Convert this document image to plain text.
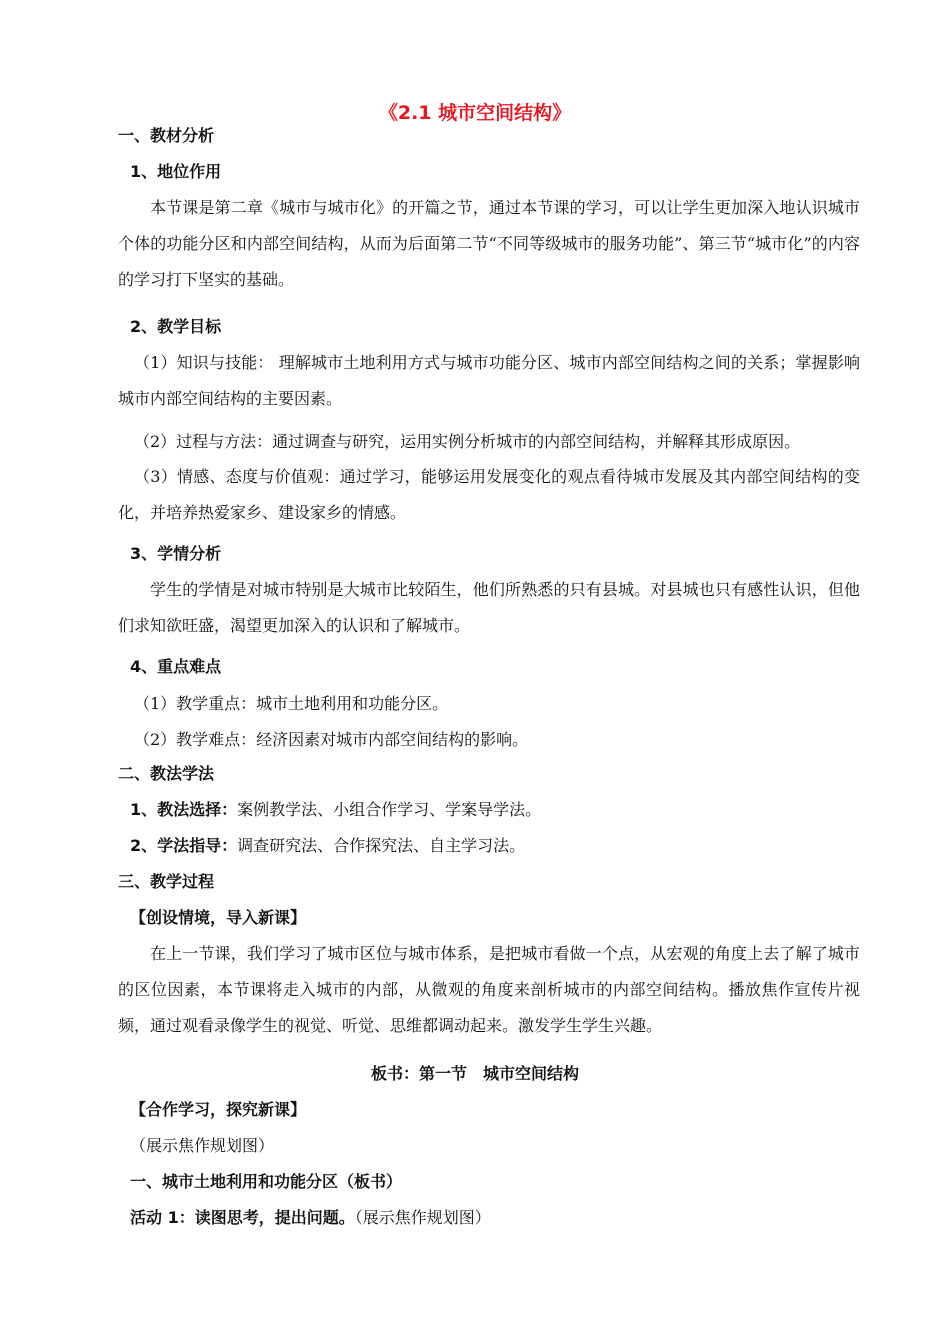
《2.1 城市空间结构》
一、教材分析
1、地位作用
本节课是第二章《城市与城市化》的开篇之节，通过本节课的学习，可以让学生更加深入地认识城市个体的功能分区和内部空间结构，从而为后面第二节“不同等级城市的服务功能”、第三节“城市化”的内容的学习打下坚实的基础。
2、教学目标
（1）知识与技能： 理解城市土地利用方式与城市功能分区、城市内部空间结构之间的关系；掌握影响城市内部空间结构的主要因素。
（2）过程与方法：通过调查与研究，运用实例分析城市的内部空间结构，并解释其形成原因。
（3）情感、态度与价值观：通过学习，能够运用发展变化的观点看待城市发展及其内部空间结构的变化，并培养热爱家乡、建设家乡的情感。
3、学情分析
学生的学情是对城市特别是大城市比较陌生，他们所熟悉的只有县城。对县城也只有感性认识，但他们求知欲旺盛，渴望更加深入的认识和了解城市。
4、重点难点
（1）教学重点：城市土地利用和功能分区。
（2）教学难点：经济因素对城市内部空间结构的影响。
二、教法学法
1、教法选择：案例教学法、小组合作学习、学案导学法。
2、学法指导：调查研究法、合作探究法、自主学习法。
三、教学过程
【创设情境，导入新课】
在上一节课，我们学习了城市区位与城市体系，是把城市看做一个点，从宏观的角度上去了解了城市的区位因素，本节课将走入城市的内部，从微观的角度来剖析城市的内部空间结构。播放焦作宣传片视频，通过观看录像学生的视觉、听觉、思维都调动起来。激发学生学生兴趣。
板书：第一节　城市空间结构
【合作学习，探究新课】
（展示焦作规划图）
一、城市土地利用和功能分区（板书）
活动 1：读图思考，提出问题。（展示焦作规划图）
